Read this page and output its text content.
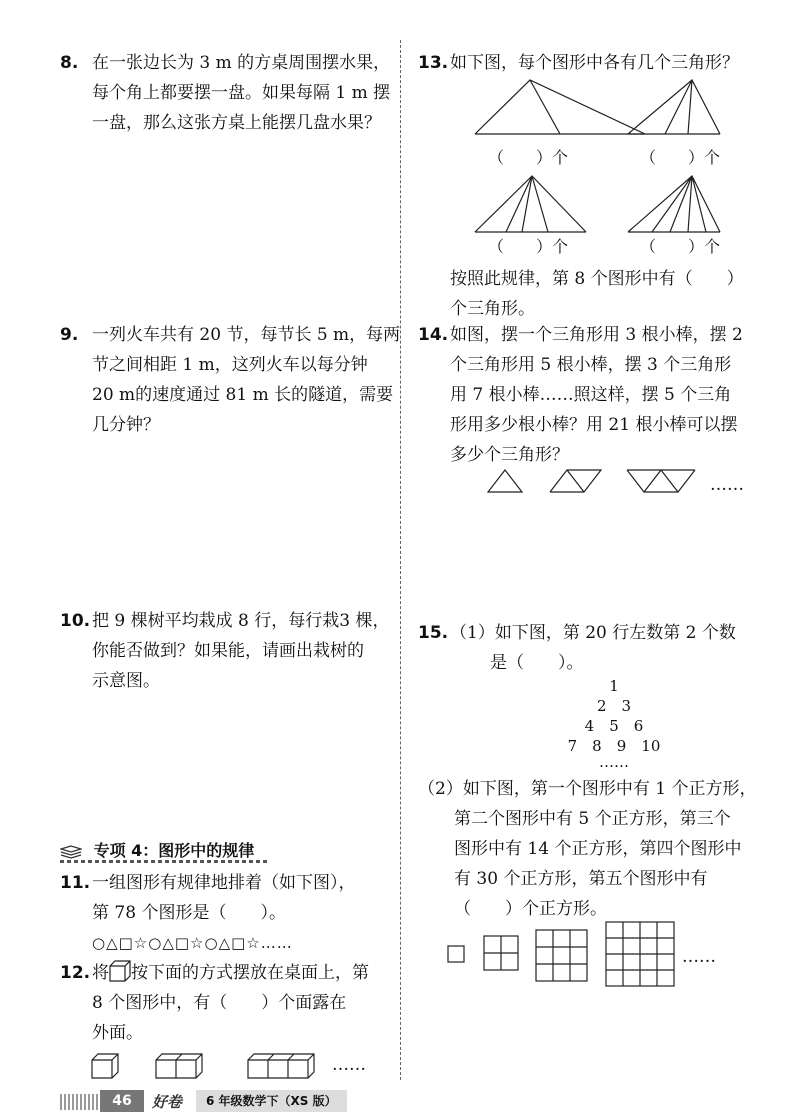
8. 在一张边长为 3 m 的方桌周围摆水果，
每个角上都要摆一盘。如果每隔 1 m 摆
一盘，那么这张方桌上能摆几盘水果？
9. 一列火车共有 20 节，每节长 5 m，每两
节之间相距 1 m，这列火车以每分钟
20 m的速度通过 81 m 长的隧道，需要
几分钟？
10. 把 9 棵树平均栽成 8 行，每行栽3 棵，
你能否做到？如果能，请画出栽树的
示意图。
专项 4：图形中的规律
11. 一组图形有规律地排着（如下图），
第 78 个图形是（　　）。
○△□☆○△□☆○△□☆……
12. 将 按下面的方式摆放在桌面上，第
8 个图形中，有（　　）个面露在
外面。
……
13. 如下图，每个图形中各有几个三角形？
（　　）个	（　　）个
（　　）个	（　　）个
按照此规律，第 8 个图形中有（　　）
个三角形。
14. 如图，摆一个三角形用 3 根小棒，摆 2
个三角形用 5 根小棒，摆 3 个三角形
用 7 根小棒……照这样，摆 5 个三角
形用多少根小棒？用 21 根小棒可以摆
多少个三角形？
……
15. （1）如下图，第 20 行左数第 2 个数
是（　　）。
1
2　3
4　5　6
7　8　9　10
……
（2）如下图，第一个图形中有 1 个正方形，
第二个图形中有 5 个正方形，第三个
图形中有 14 个正方形，第四个图形中
有 30 个正方形，第五个图形中有
（　　）个正方形。
……
46	好卷	6 年级数学下（XS 版）
